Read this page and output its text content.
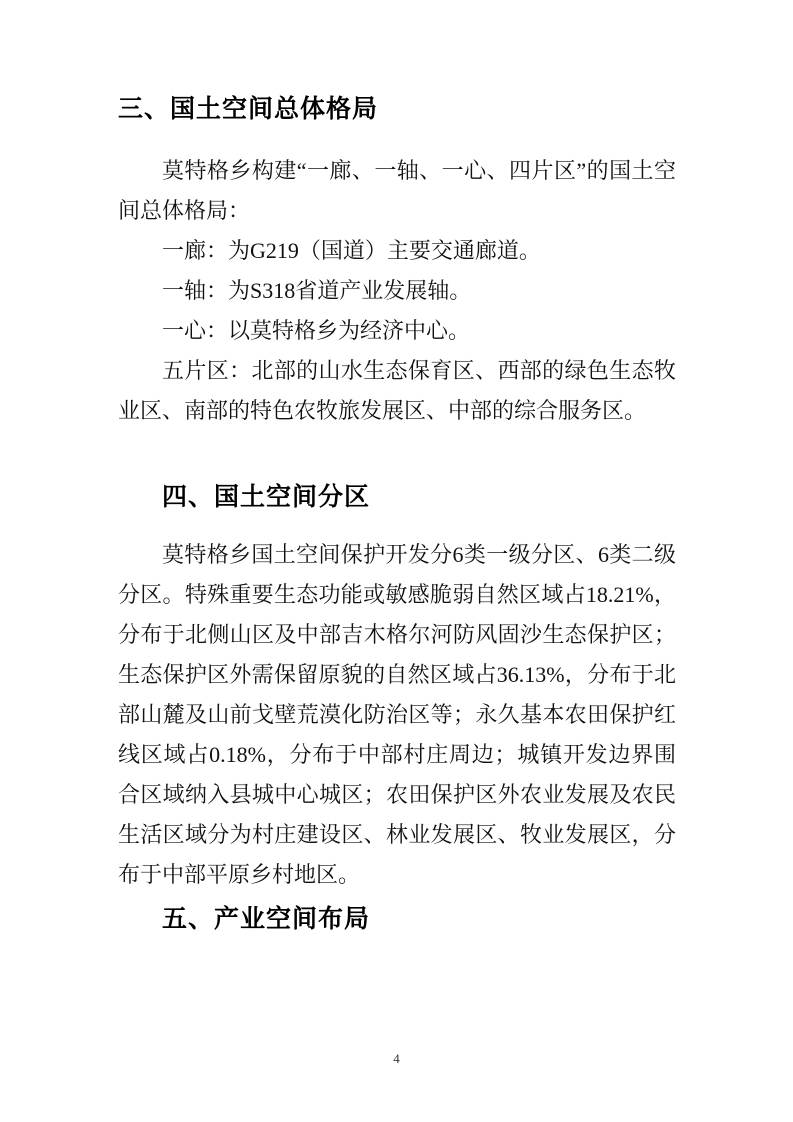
三、国土空间总体格局

莫特格乡构建“一廊、一轴、一心、四片区”的国土空间总体格局：

一廊：为G219（国道）主要交通廊道。

一轴：为S318省道产业发展轴。

一心：以莫特格乡为经济中心。

五片区：北部的山水生态保育区、西部的绿色生态牧业区、南部的特色农牧旅发展区、中部的综合服务区。

四、国土空间分区

莫特格乡国土空间保护开发分6类一级分区、6类二级分区。特殊重要生态功能或敏感脆弱自然区域占18.21%，分布于北侧山区及中部吉木格尔河防风固沙生态保护区；生态保护区外需保留原貌的自然区域占36.13%，分布于北部山麓及山前戈壁荒漠化防治区等；永久基本农田保护红线区域占0.18%，分布于中部村庄周边；城镇开发边界围合区域纳入县城中心城区；农田保护区外农业发展及农民生活区域分为村庄建设区、林业发展区、牧业发展区，分布于中部平原乡村地区。

五、产业空间布局
4
